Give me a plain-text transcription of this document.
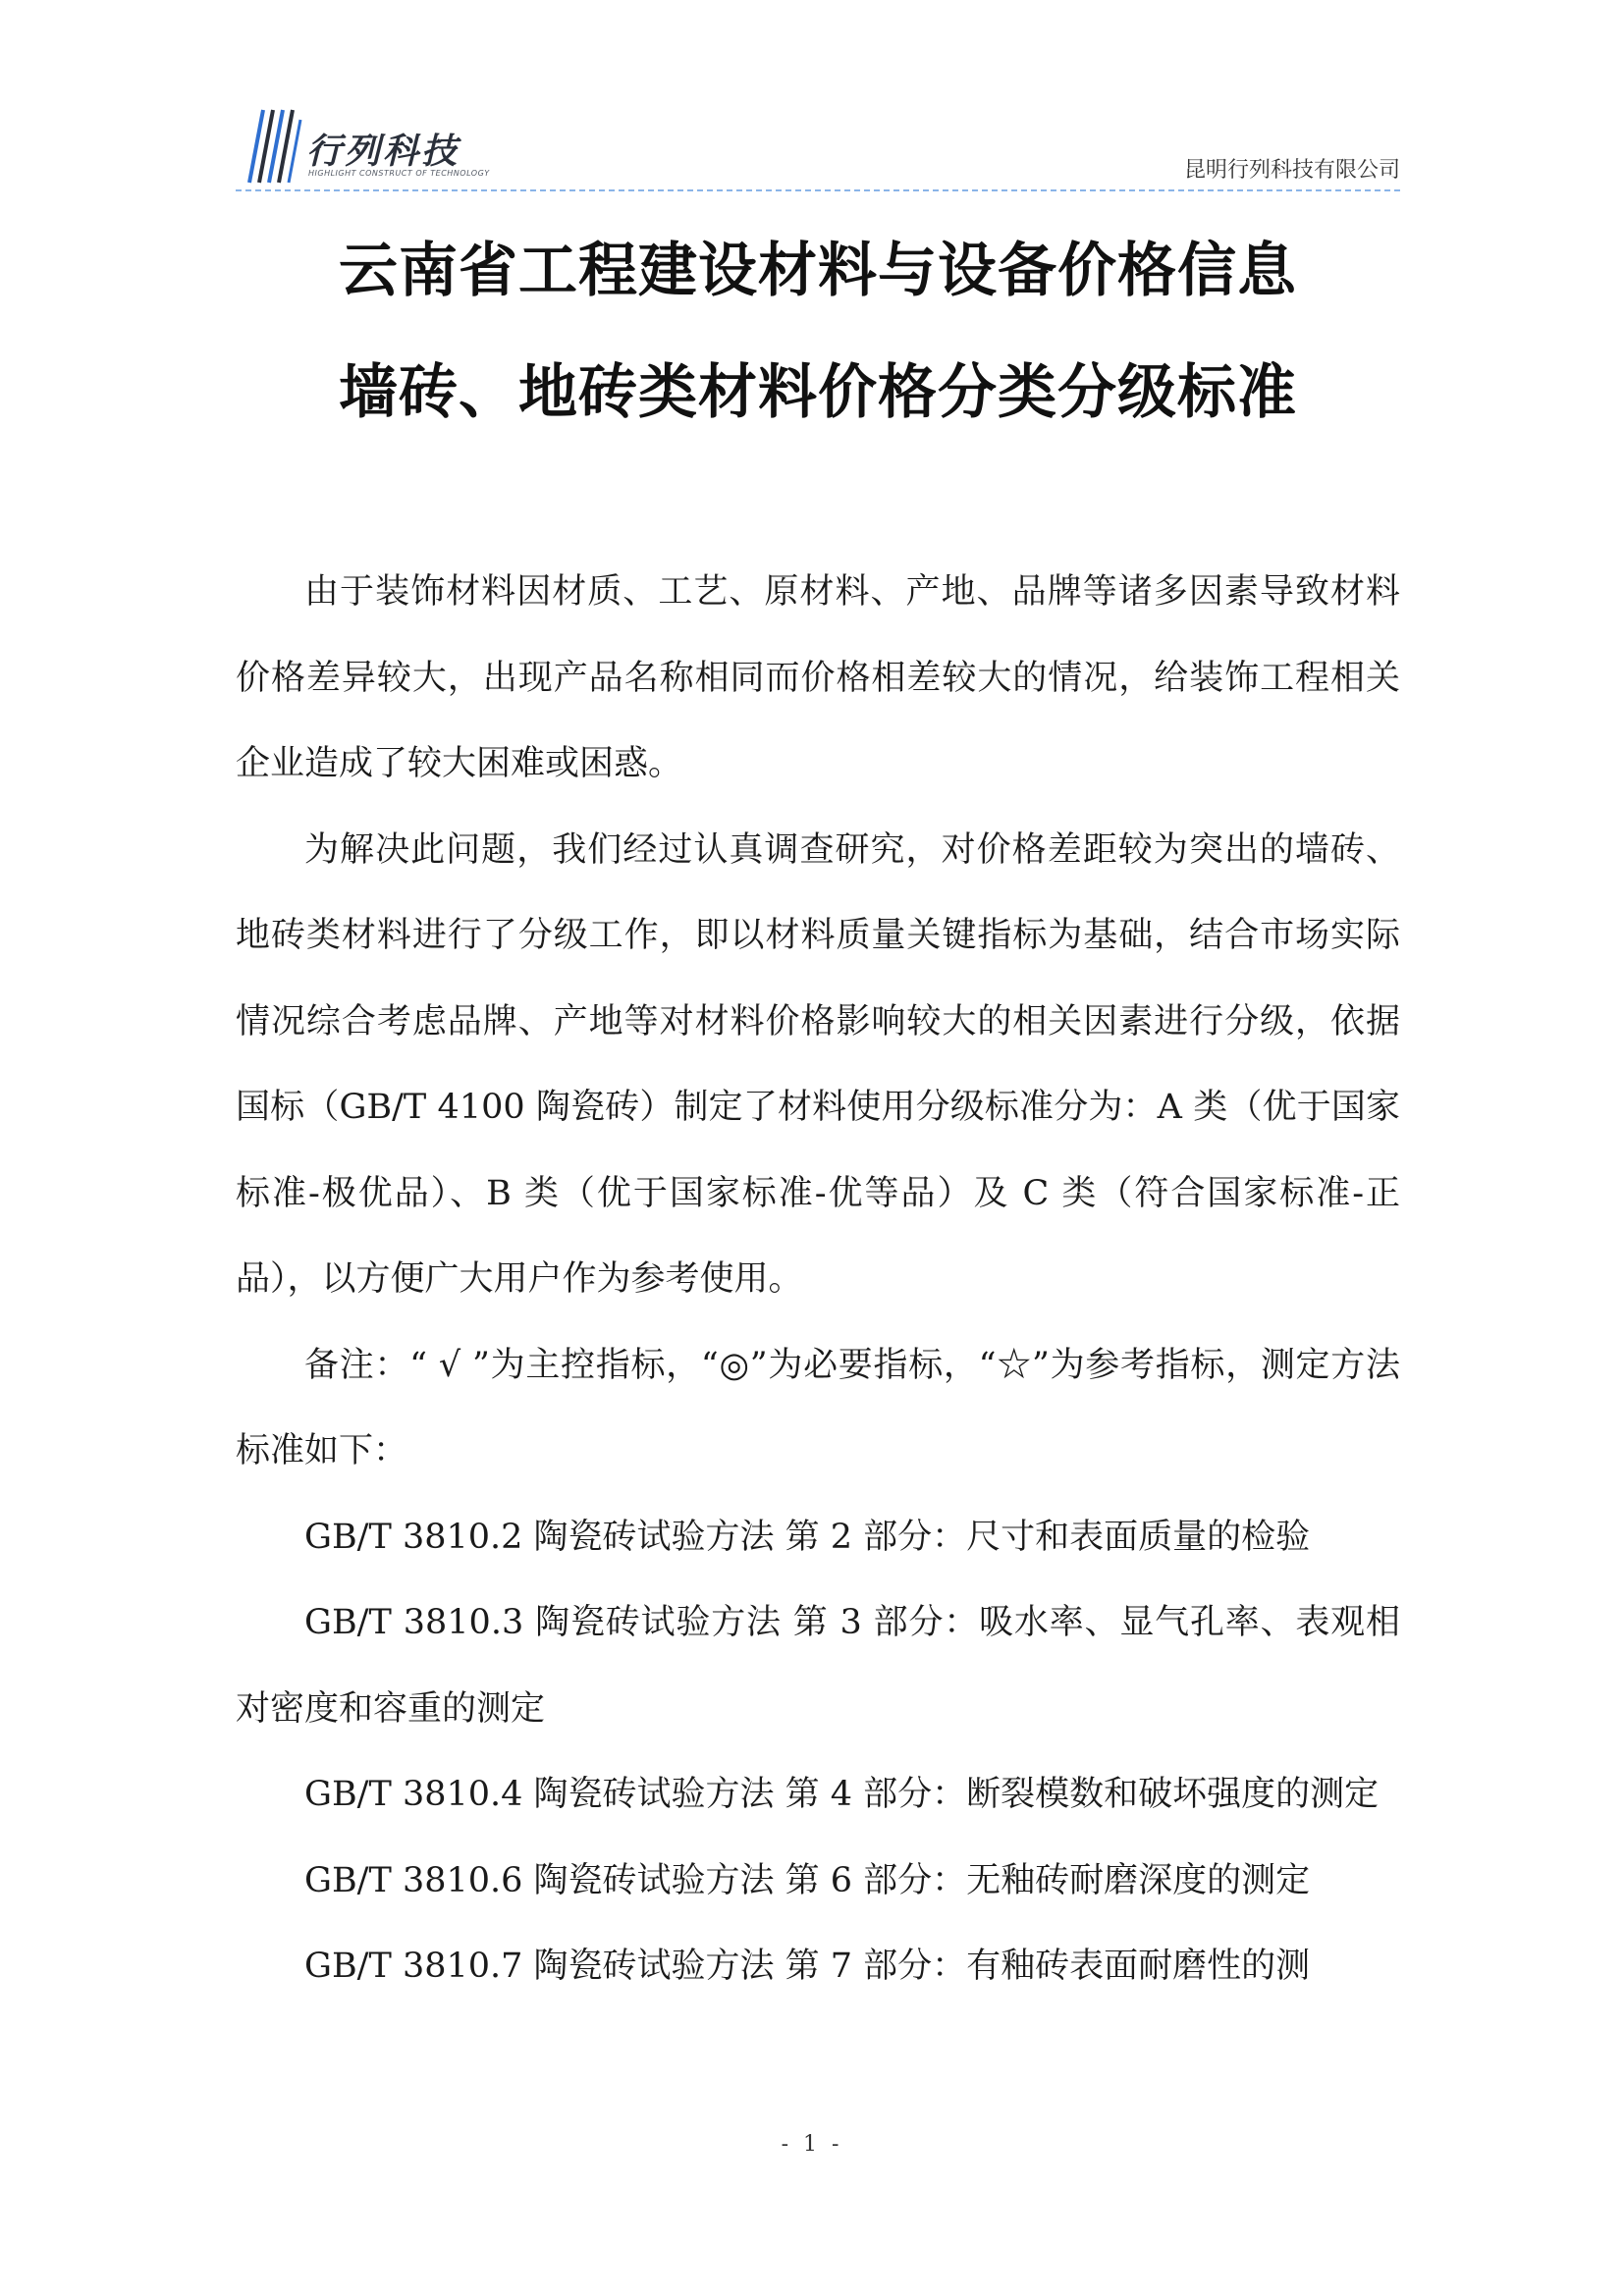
行列科技
HIGHLIGHT CONSTRUCT OF TECHNOLOGY	昆明行列科技有限公司
云南省工程建设材料与设备价格信息
墙砖、地砖类材料价格分类分级标准

由于装饰材料因材质、工艺、原材料、产地、品牌等诸多因素导致材料价格差异较大，出现产品名称相同而价格相差较大的情况，给装饰工程相关企业造成了较大困难或困惑。

为解决此问题，我们经过认真调查研究，对价格差距较为突出的墙砖、地砖类材料进行了分级工作，即以材料质量关键指标为基础，结合市场实际情况综合考虑品牌、产地等对材料价格影响较大的相关因素进行分级，依据国标（GB/T 4100 陶瓷砖）制定了材料使用分级标准分为：A 类（优于国家标准-极优品）、B 类（优于国家标准-优等品）及 C 类（符合国家标准-正品），以方便广大用户作为参考使用。

备注：“ √ ”为主控指标，“◎”为必要指标，“☆”为参考指标，测定方法标准如下：

GB/T 3810.2 陶瓷砖试验方法 第 2 部分：尺寸和表面质量的检验

GB/T 3810.3 陶瓷砖试验方法 第 3 部分：吸水率、显气孔率、表观相对密度和容重的测定

GB/T 3810.4 陶瓷砖试验方法 第 4 部分：断裂模数和破坏强度的测定

GB/T 3810.6 陶瓷砖试验方法 第 6 部分：无釉砖耐磨深度的测定

GB/T 3810.7 陶瓷砖试验方法 第 7 部分：有釉砖表面耐磨性的测

- 1 -
